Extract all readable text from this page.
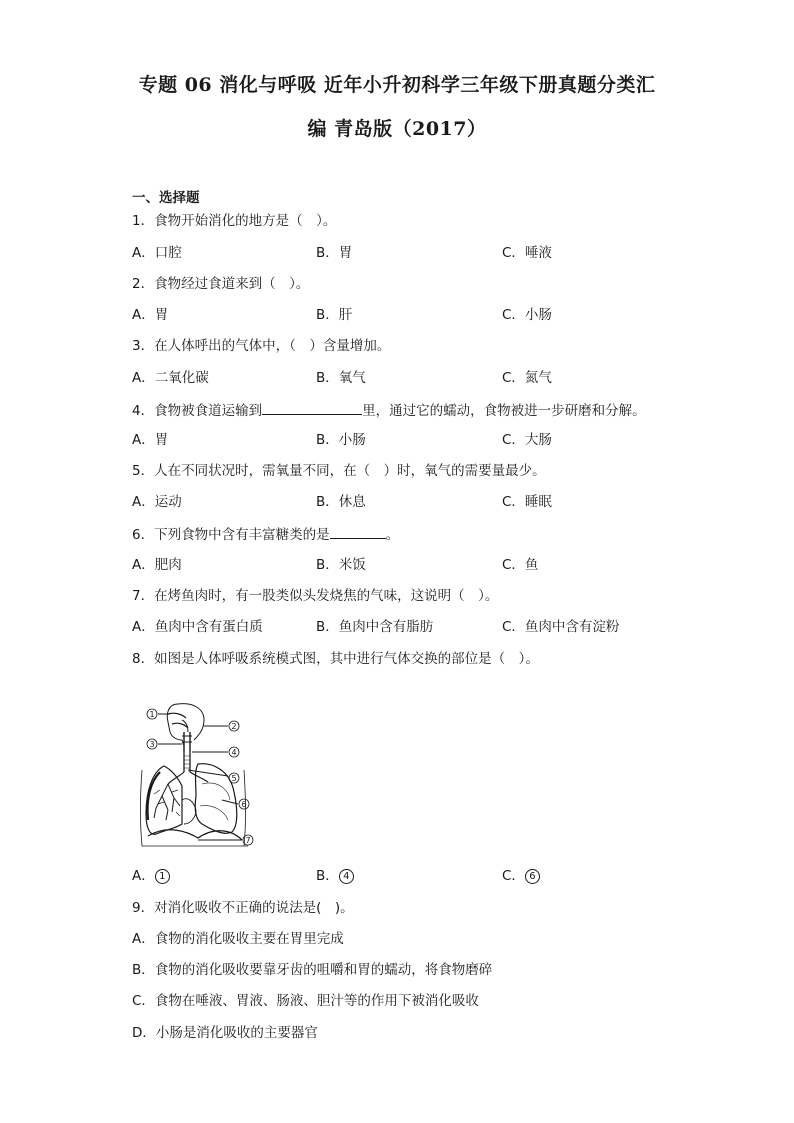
专题 06 消化与呼吸 近年小升初科学三年级下册真题分类汇
编 青岛版（2017）
一、选择题
1．食物开始消化的地方是（　）。
A．口腔	B．胃	C．唾液
2．食物经过食道来到（　）。
A．胃	B．肝	C．小肠
3．在人体呼出的气体中，（　）含量增加。
A．二氧化碳	B．氧气	C．氮气
4．食物被食道运输到	里，通过它的蠕动，食物被进一步研磨和分解。
A．胃	B．小肠	C．大肠
5．人在不同状况时，需氧量不同，在（　）时，氧气的需要量最少。
A．运动	B．休息	C．睡眠
6．下列食物中含有丰富糖类的是	。
A．肥肉	B．米饭	C．鱼
7．在烤鱼肉时，有一股类似头发烧焦的气味，这说明（　）。
A．鱼肉中含有蛋白质	B．鱼肉中含有脂肪	C．鱼肉中含有淀粉
8．如图是人体呼吸系统模式图，其中进行气体交换的部位是（　）。
1
2
3
4
5
6
7
A． 1	B． 4	C． 6
9．对消化吸收不正确的说法是(　)。
A．食物的消化吸收主要在胃里完成
B．食物的消化吸收要靠牙齿的咀嚼和胃的蠕动，将食物磨碎
C．食物在唾液、胃液、肠液、胆汁等的作用下被消化吸收
D．小肠是消化吸收的主要器官
